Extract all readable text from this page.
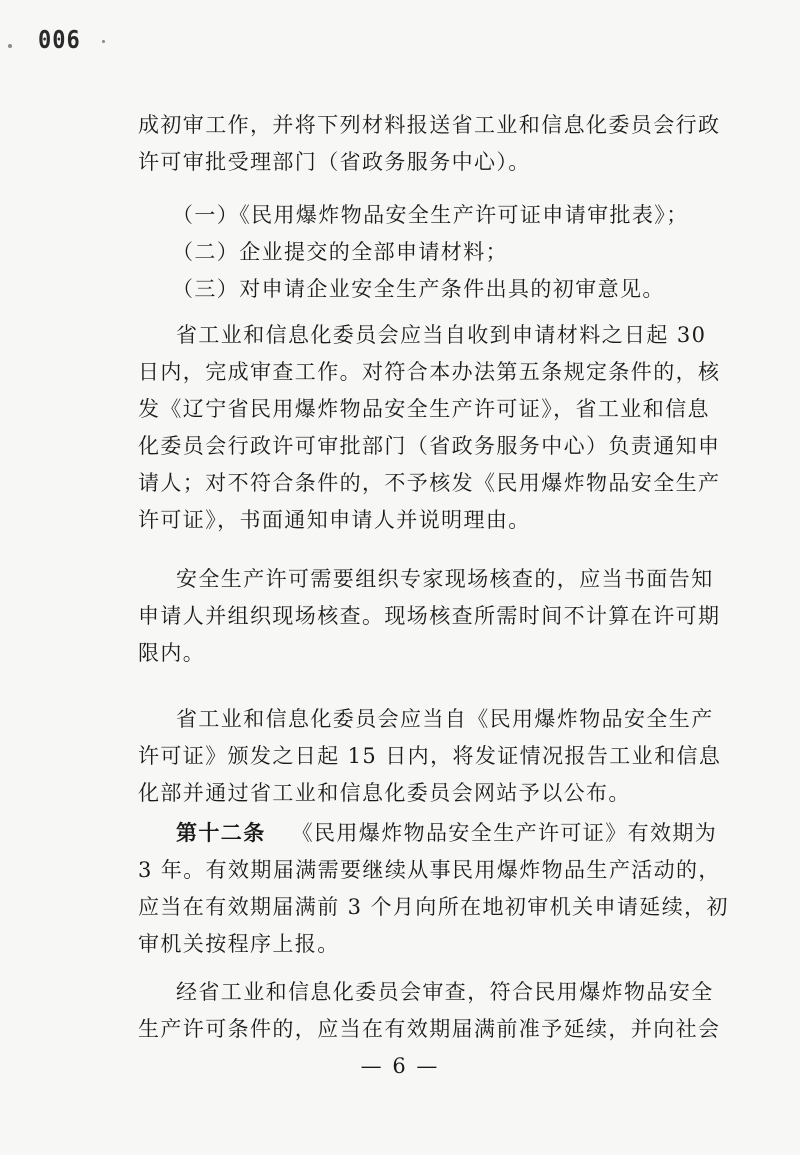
006
成初审工作，并将下列材料报送省工业和信息化委员会行政
许可审批受理部门（省政务服务中心）。
（一）《民用爆炸物品安全生产许可证申请审批表》；
（二）企业提交的全部申请材料；
（三）对申请企业安全生产条件出具的初审意见。
省工业和信息化委员会应当自收到申请材料之日起 30
日内，完成审查工作。对符合本办法第五条规定条件的，核
发《辽宁省民用爆炸物品安全生产许可证》，省工业和信息
化委员会行政许可审批部门（省政务服务中心）负责通知申
请人；对不符合条件的，不予核发《民用爆炸物品安全生产
许可证》，书面通知申请人并说明理由。
安全生产许可需要组织专家现场核查的，应当书面告知
申请人并组织现场核查。现场核查所需时间不计算在许可期
限内。
省工业和信息化委员会应当自《民用爆炸物品安全生产
许可证》颁发之日起 15 日内，将发证情况报告工业和信息
化部并通过省工业和信息化委员会网站予以公布。
第十二条 《民用爆炸物品安全生产许可证》有效期为
3 年。有效期届满需要继续从事民用爆炸物品生产活动的，
应当在有效期届满前 3 个月向所在地初审机关申请延续，初
审机关按程序上报。
经省工业和信息化委员会审查，符合民用爆炸物品安全
生产许可条件的，应当在有效期届满前准予延续，并向社会
— 6 —
